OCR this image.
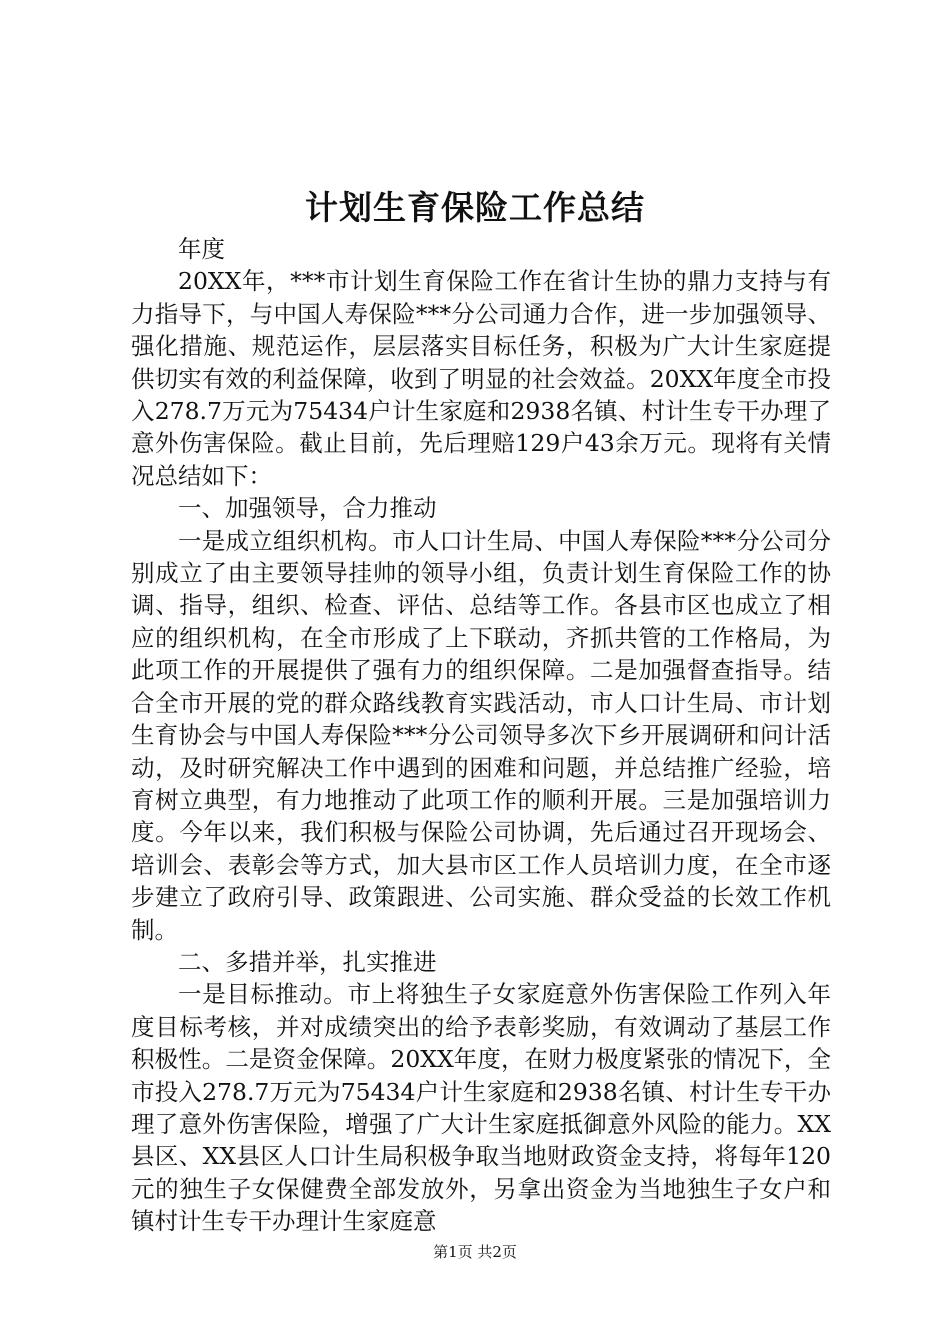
计划生育保险工作总结

年度

20XX年，***市计划生育保险工作在省计生协的鼎力支持与有力指导下，与中国人寿保险***分公司通力合作，进一步加强领导、强化措施、规范运作，层层落实目标任务，积极为广大计生家庭提供切实有效的利益保障，收到了明显的社会效益。20XX年度全市投入278.7万元为75434户计生家庭和2938名镇、村计生专干办理了意外伤害保险。截止目前，先后理赔129户43余万元。现将有关情况总结如下：

一、加强领导，合力推动

一是成立组织机构。市人口计生局、中国人寿保险***分公司分别成立了由主要领导挂帅的领导小组，负责计划生育保险工作的协调、指导，组织、检查、评估、总结等工作。各县市区也成立了相应的组织机构，在全市形成了上下联动，齐抓共管的工作格局，为此项工作的开展提供了强有力的组织保障。二是加强督查指导。结合全市开展的党的群众路线教育实践活动，市人口计生局、市计划生育协会与中国人寿保险***分公司领导多次下乡开展调研和问计活动，及时研究解决工作中遇到的困难和问题，并总结推广经验，培育树立典型，有力地推动了此项工作的顺利开展。三是加强培训力度。今年以来，我们积极与保险公司协调，先后通过召开现场会、培训会、表彰会等方式，加大县市区工作人员培训力度，在全市逐步建立了政府引导、政策跟进、公司实施、群众受益的长效工作机制。

二、多措并举，扎实推进

一是目标推动。市上将独生子女家庭意外伤害保险工作列入年度目标考核，并对成绩突出的给予表彰奖励，有效调动了基层工作积极性。二是资金保障。20XX年度，在财力极度紧张的情况下，全市投入278.7万元为75434户计生家庭和2938名镇、村计生专干办理了意外伤害保险，增强了广大计生家庭抵御意外风险的能力。XX县区、XX县区人口计生局积极争取当地财政资金支持，将每年120元的独生子女保健费全部发放外，另拿出资金为当地独生子女户和镇村计生专干办理计生家庭意

第1页 共2页
